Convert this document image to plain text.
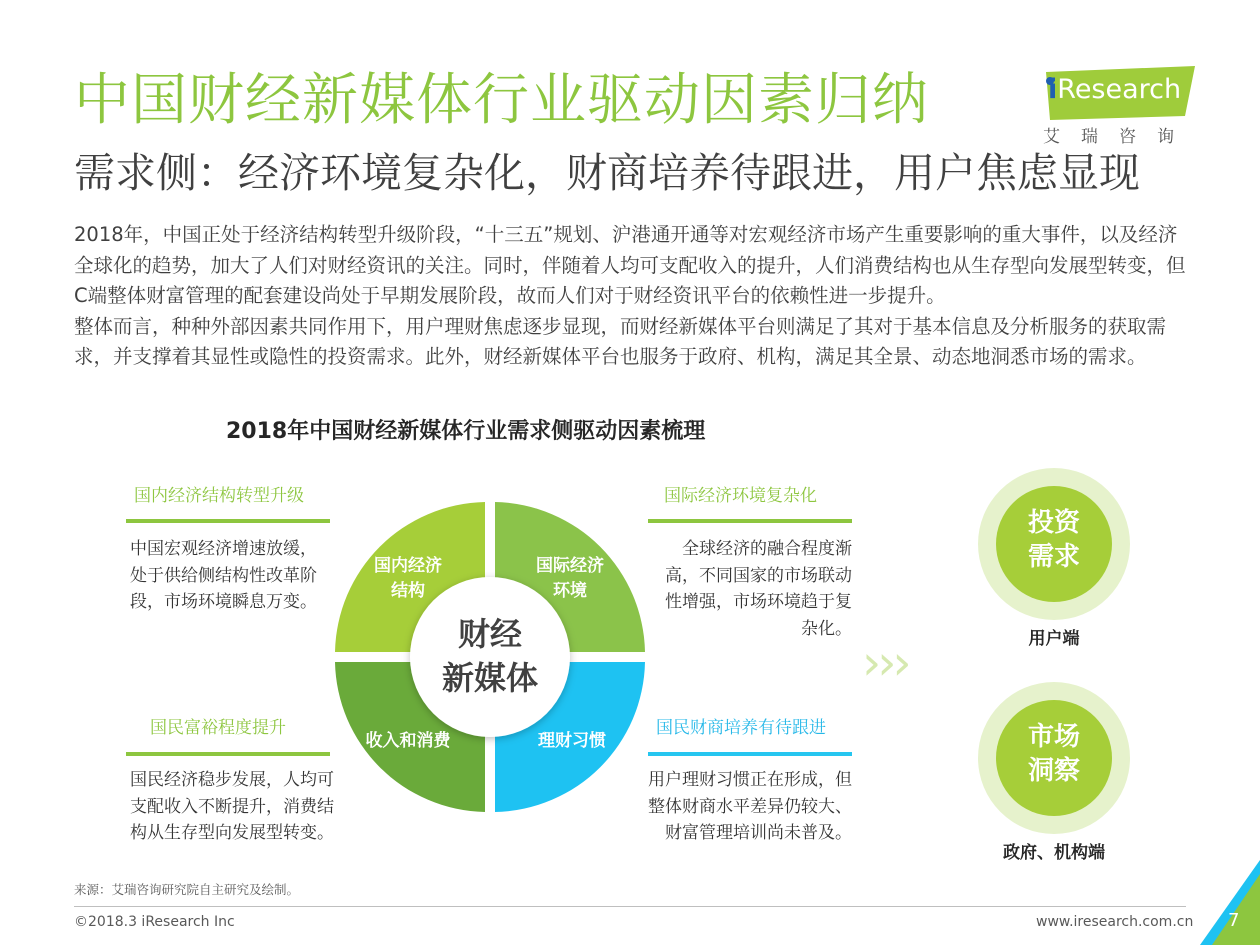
中国财经新媒体行业驱动因素归纳
需求侧：经济环境复杂化，财商培养待跟进，用户焦虑显现
iResearch
艾瑞咨询

2018年，中国正处于经济结构转型升级阶段，“十三五”规划、沪港通开通等对宏观经济市场产生重要影响的重大事件，以及经济全球化的趋势，加大了人们对财经资讯的关注。同时，伴随着人均可支配收入的提升，人们消费结构也从生存型向发展型转变，但C端整体财富管理的配套建设尚处于早期发展阶段，故而人们对于财经资讯平台的依赖性进一步提升。

整体而言，种种外部因素共同作用下，用户理财焦虑逐步显现，而财经新媒体平台则满足了其对于基本信息及分析服务的获取需求，并支撑着其显性或隐性的投资需求。此外，财经新媒体平台也服务于政府、机构，满足其全景、动态地洞悉市场的需求。

2018年中国财经新媒体行业需求侧驱动因素梳理
国内经济结构转型升级
中国宏观经济增速放缓，
处于供给侧结构性改革阶
段，市场环境瞬息万变。
国际经济环境复杂化
全球经济的融合程度渐
高，不同国家的市场联动
性增强，市场环境趋于复
杂化。
国民富裕程度提升
国民经济稳步发展，人均可
支配收入不断提升，消费结
构从生存型向发展型转变。
国民财商培养有待跟进
用户理财习惯正在形成，但
整体财商水平差异仍较大、
财富管理培训尚未普及。
国内经济
结构
国际经济
环境
收入和消费	理财习惯
财经
新媒体	›››
投资
需求
用户端
市场
洞察
政府、机构端
来源：艾瑞咨询研究院自主研究及绘制。
©2018.3 iResearch Inc	www.iresearch.com.cn 7
